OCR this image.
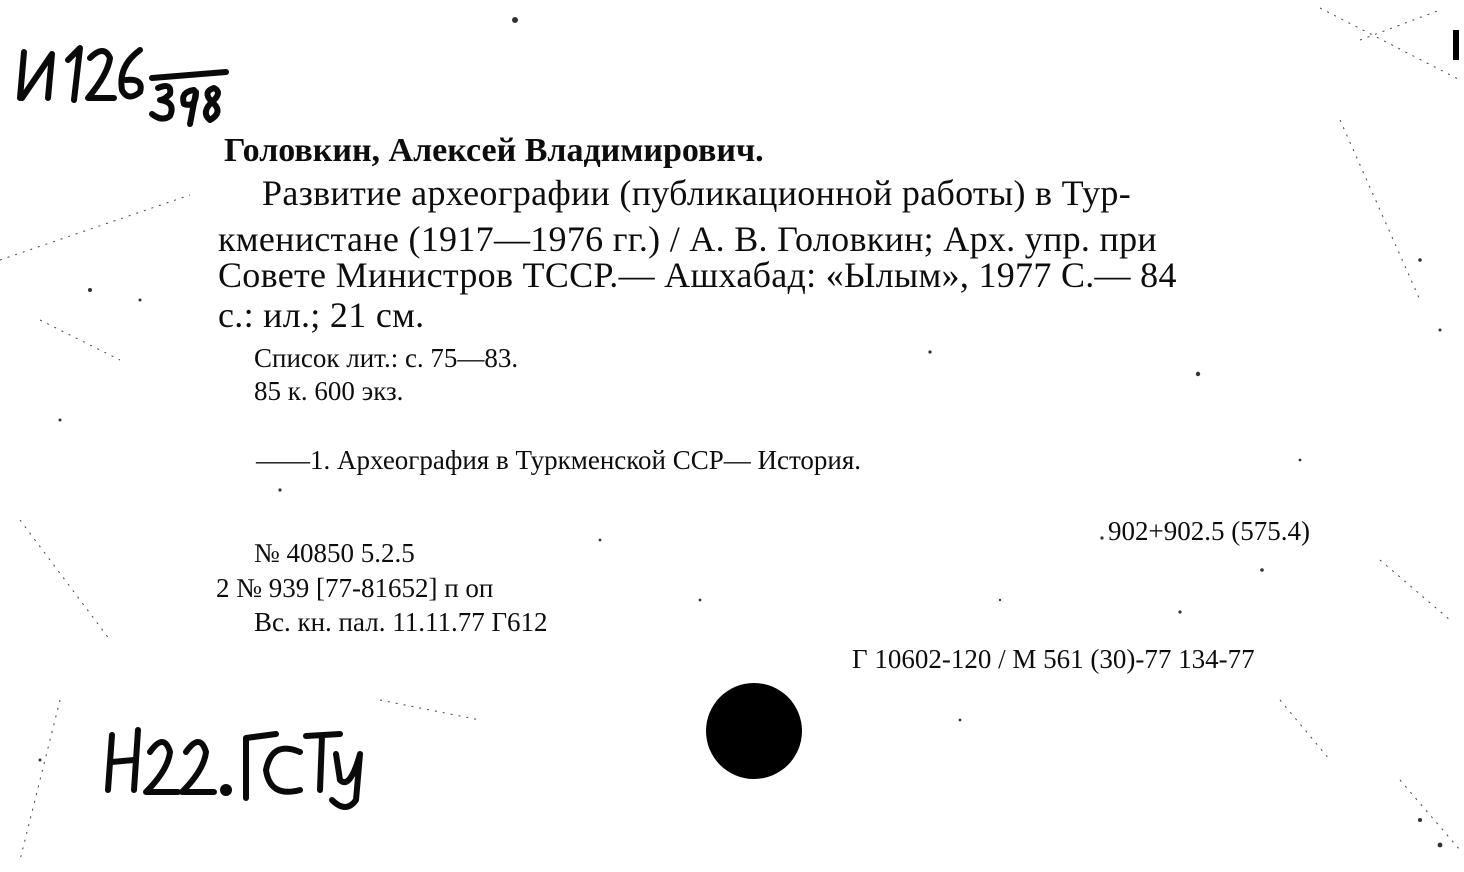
Головкин, Алексей Владимирович.
Развитие археографии (публикационной работы) в Тур-
кменистане (1917—1976 гг.) / А. В. Головкин; Арх. упр. при
Совете Министров ТССР.— Ашхабад: «Ылым», 1977 С.— 84
с.: ил.; 21 см.
Список лит.: с. 75—83.
85 к. 600 экз.
——1. Археография в Туркменской ССР— История.
902+902.5 (575.4)
№ 40850 5.2.5
2 № 939 [77-81652] п оп
Вс. кн. пал. 11.11.77 Г612
Г 10602-120 / М 561 (30)-77 134-77
